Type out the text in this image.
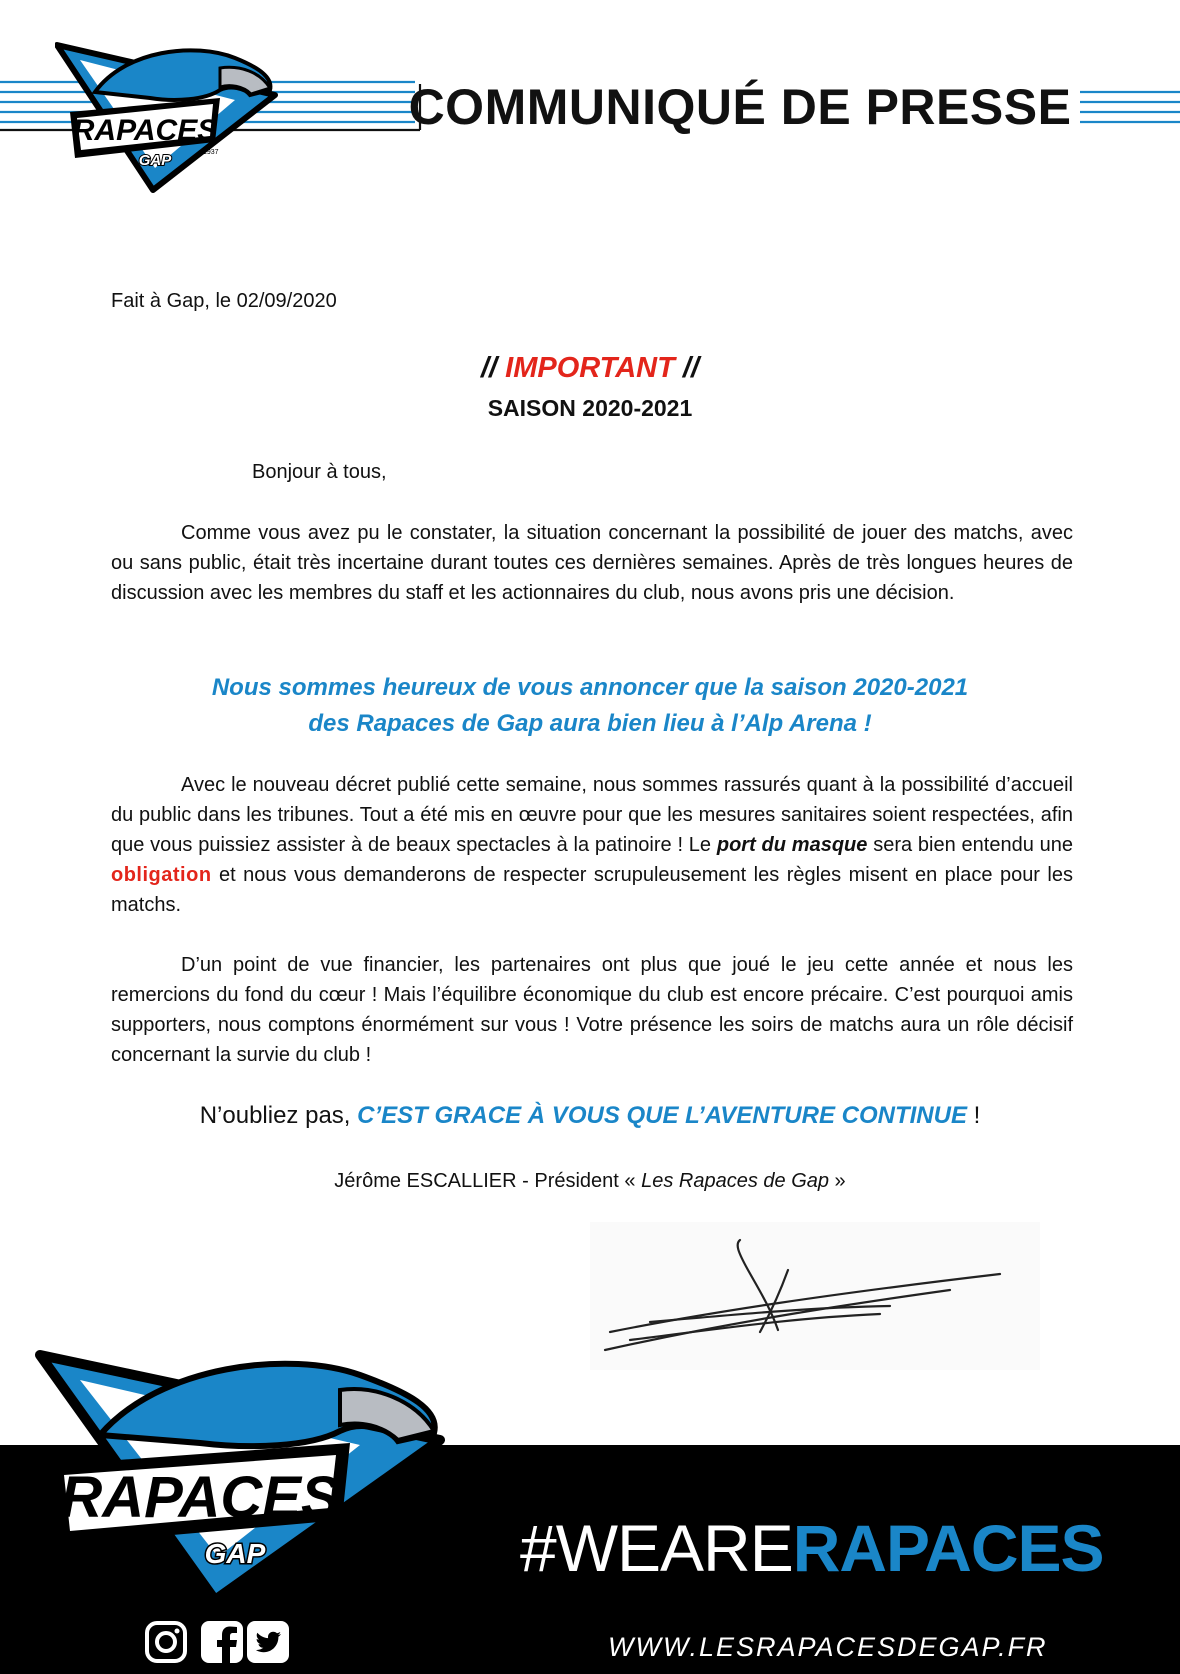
RAPACES
GAP	1937
COMMUNIQUÉ DE PRESSE
Fait à Gap, le 02/09/2020
// IMPORTANT //
SAISON 2020-2021
Bonjour à tous,

Comme vous avez pu le constater, la situation concernant la possibilité de jouer des matchs, avec ou sans public, était très incertaine durant toutes ces dernières semaines. Après de très longues heures de discussion avec les membres du staff et les actionnaires du club, nous avons pris une décision.

Nous sommes heureux de vous annoncer que la saison 2020-2021
des Rapaces de Gap aura bien lieu à l’Alp Arena !

Avec le nouveau décret publié cette semaine, nous sommes rassurés quant à la possibilité d’accueil du public dans les tribunes. Tout a été mis en œuvre pour que les mesures sanitaires soient respectées, afin que vous puissiez assister à de beaux spectacles à la patinoire ! Le port du masque sera bien entendu une obligation et nous vous demanderons de respecter scrupuleusement les règles misent en place pour les matchs.

D’un point de vue financier, les partenaires ont plus que joué le jeu cette année et nous les remercions du fond du cœur ! Mais l’équilibre économique du club est encore précaire. C’est pourquoi amis supporters, nous comptons énormément sur vous ! Votre présence les soirs de matchs aura un rôle décisif concernant la survie du club !

N’oubliez pas, C’EST GRACE À VOUS QUE L’AVENTURE CONTINUE !
Jérôme ESCALLIER - Président « Les Rapaces de Gap »
RAPACES
GAP	1937	#WEARERAPACES
WWW.LESRAPACESDEGAP.FR
